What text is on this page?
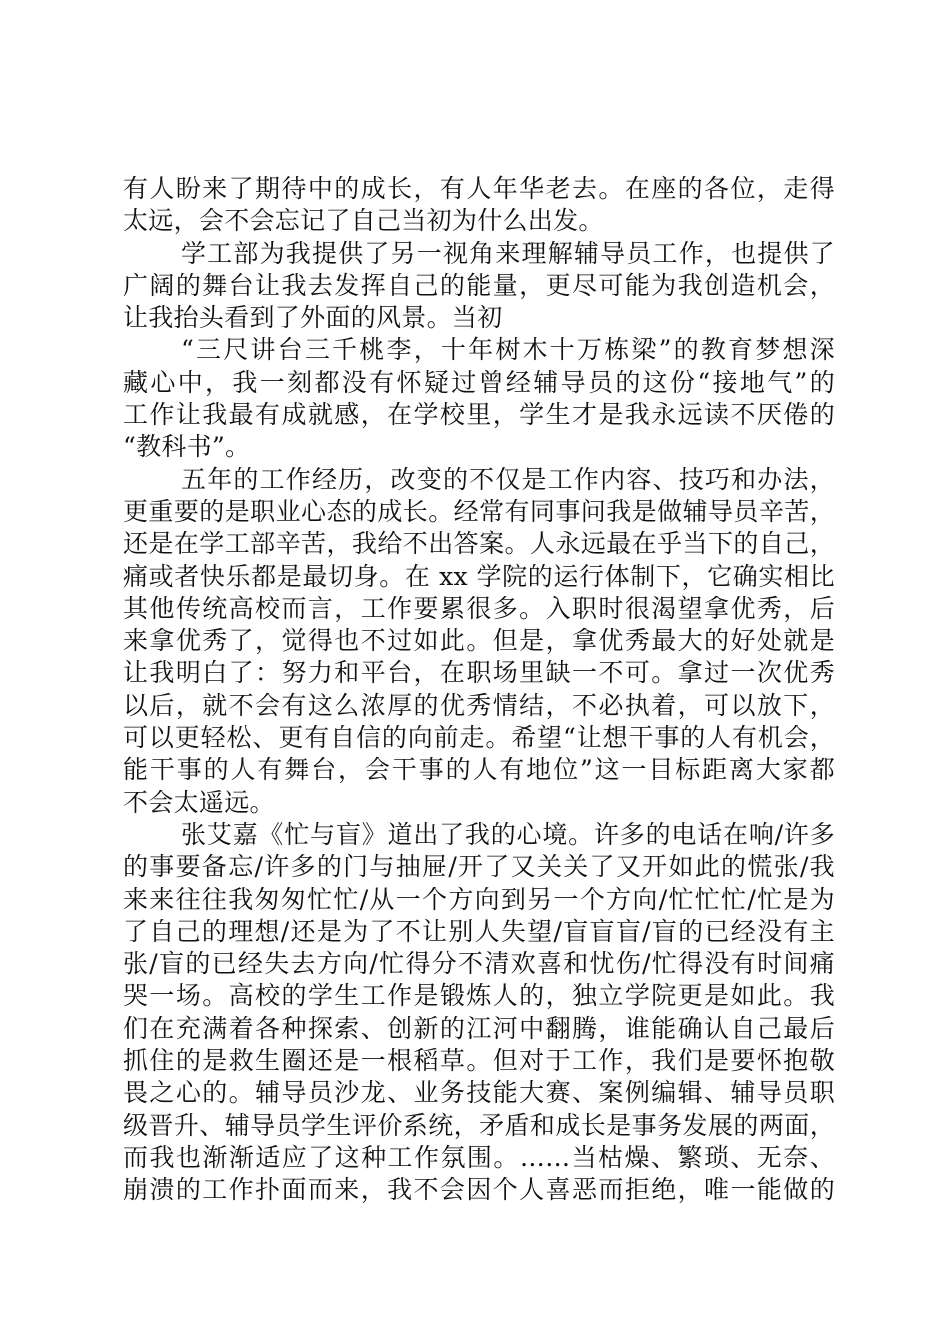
有人盼来了期待中的成长，有人年华老去。在座的各位，走得
太远，会不会忘记了自己当初为什么出发。
学工部为我提供了另一视角来理解辅导员工作，也提供了
广阔的舞台让我去发挥自己的能量，更尽可能为我创造机会，
让我抬头看到了外面的风景。当初
“三尺讲台三千桃李，十年树木十万栋梁”的教育梦想深
藏心中，我一刻都没有怀疑过曾经辅导员的这份“接地气”的
工作让我最有成就感，在学校里，学生才是我永远读不厌倦的
“教科书”。
五年的工作经历，改变的不仅是工作内容、技巧和办法，
更重要的是职业心态的成长。经常有同事问我是做辅导员辛苦，
还是在学工部辛苦，我给不出答案。人永远最在乎当下的自己，
痛或者快乐都是最切身。在 xx 学院的运行体制下，它确实相比
其他传统高校而言，工作要累很多。入职时很渴望拿优秀，后
来拿优秀了，觉得也不过如此。但是，拿优秀最大的好处就是
让我明白了：努力和平台，在职场里缺一不可。拿过一次优秀
以后，就不会有这么浓厚的优秀情结，不必执着，可以放下，
可以更轻松、更有自信的向前走。希望“让想干事的人有机会，
能干事的人有舞台，会干事的人有地位”这一目标距离大家都
不会太遥远。
张艾嘉《忙与盲》道出了我的心境。许多的电话在响/许多
的事要备忘/许多的门与抽屉/开了又关关了又开如此的慌张/我
来来往往我匆匆忙忙/从一个方向到另一个方向/忙忙忙/忙是为
了自己的理想/还是为了不让别人失望/盲盲盲/盲的已经没有主
张/盲的已经失去方向/忙得分不清欢喜和忧伤/忙得没有时间痛
哭一场。高校的学生工作是锻炼人的，独立学院更是如此。我
们在充满着各种探索、创新的江河中翻腾，谁能确认自己最后
抓住的是救生圈还是一根稻草。但对于工作，我们是要怀抱敬
畏之心的。辅导员沙龙、业务技能大赛、案例编辑、辅导员职
级晋升、辅导员学生评价系统，矛盾和成长是事务发展的两面，
而我也渐渐适应了这种工作氛围。……当枯燥、繁琐、无奈、
崩溃的工作扑面而来，我不会因个人喜恶而拒绝，唯一能做的
